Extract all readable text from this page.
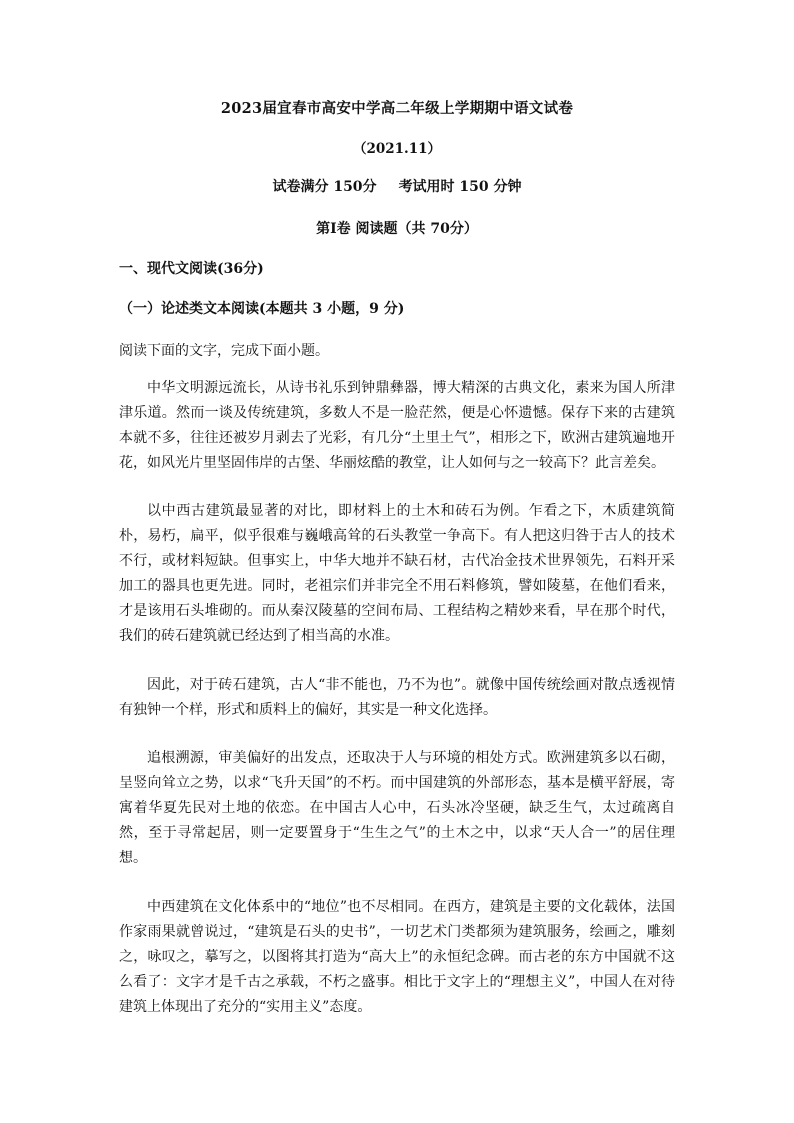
2023届宜春市高安中学高二年级上学期期中语文试卷

（2021.11）

试卷满分 150分 考试用时 150 分钟

第Ⅰ卷 阅读题（共 70分）

一、现代文阅读(36分)

（一）论述类文本阅读(本题共 3 小题，9 分)

阅读下面的文字，完成下面小题。

中华文明源远流长，从诗书礼乐到钟鼎彝器，博大精深的古典文化，素来为国人所津津乐道。然而一谈及传统建筑，多数人不是一脸茫然，便是心怀遗憾。保存下来的古建筑本就不多，往往还被岁月剥去了光彩，有几分“土里土气”，相形之下，欧洲古建筑遍地开花，如风光片里坚固伟岸的古堡、华丽炫酷的教堂，让人如何与之一较高下？此言差矣。

以中西古建筑最显著的对比，即材料上的土木和砖石为例。乍看之下，木质建筑简朴，易朽，扁平，似乎很难与巍峨高耸的石头教堂一争高下。有人把这归咎于古人的技术不行，或材料短缺。但事实上，中华大地并不缺石材，古代冶金技术世界领先，石料开采加工的器具也更先进。同时，老祖宗们并非完全不用石料修筑，譬如陵墓，在他们看来，才是该用石头堆砌的。而从秦汉陵墓的空间布局、工程结构之精妙来看，早在那个时代，我们的砖石建筑就已经达到了相当高的水准。

因此，对于砖石建筑，古人“非不能也，乃不为也”。就像中国传统绘画对散点透视情有独钟一个样，形式和质料上的偏好，其实是一种文化选择。

追根溯源，审美偏好的出发点，还取决于人与环境的相处方式。欧洲建筑多以石砌，呈竖向耸立之势，以求“飞升天国”的不朽。而中国建筑的外部形态，基本是横平舒展，寄寓着华夏先民对土地的依恋。在中国古人心中，石头冰冷坚硬，缺乏生气，太过疏离自然，至于寻常起居，则一定要置身于“生生之气”的土木之中，以求“天人合一”的居住理想。

中西建筑在文化体系中的“地位”也不尽相同。在西方，建筑是主要的文化载体，法国作家雨果就曾说过，“建筑是石头的史书”，一切艺术门类都须为建筑服务，绘画之，雕刻之，咏叹之，摹写之，以图将其打造为“高大上”的永恒纪念碑。而古老的东方中国就不这么看了：文字才是千古之承载，不朽之盛事。相比于文字上的“理想主义”，中国人在对待建筑上体现出了充分的“实用主义”态度。
